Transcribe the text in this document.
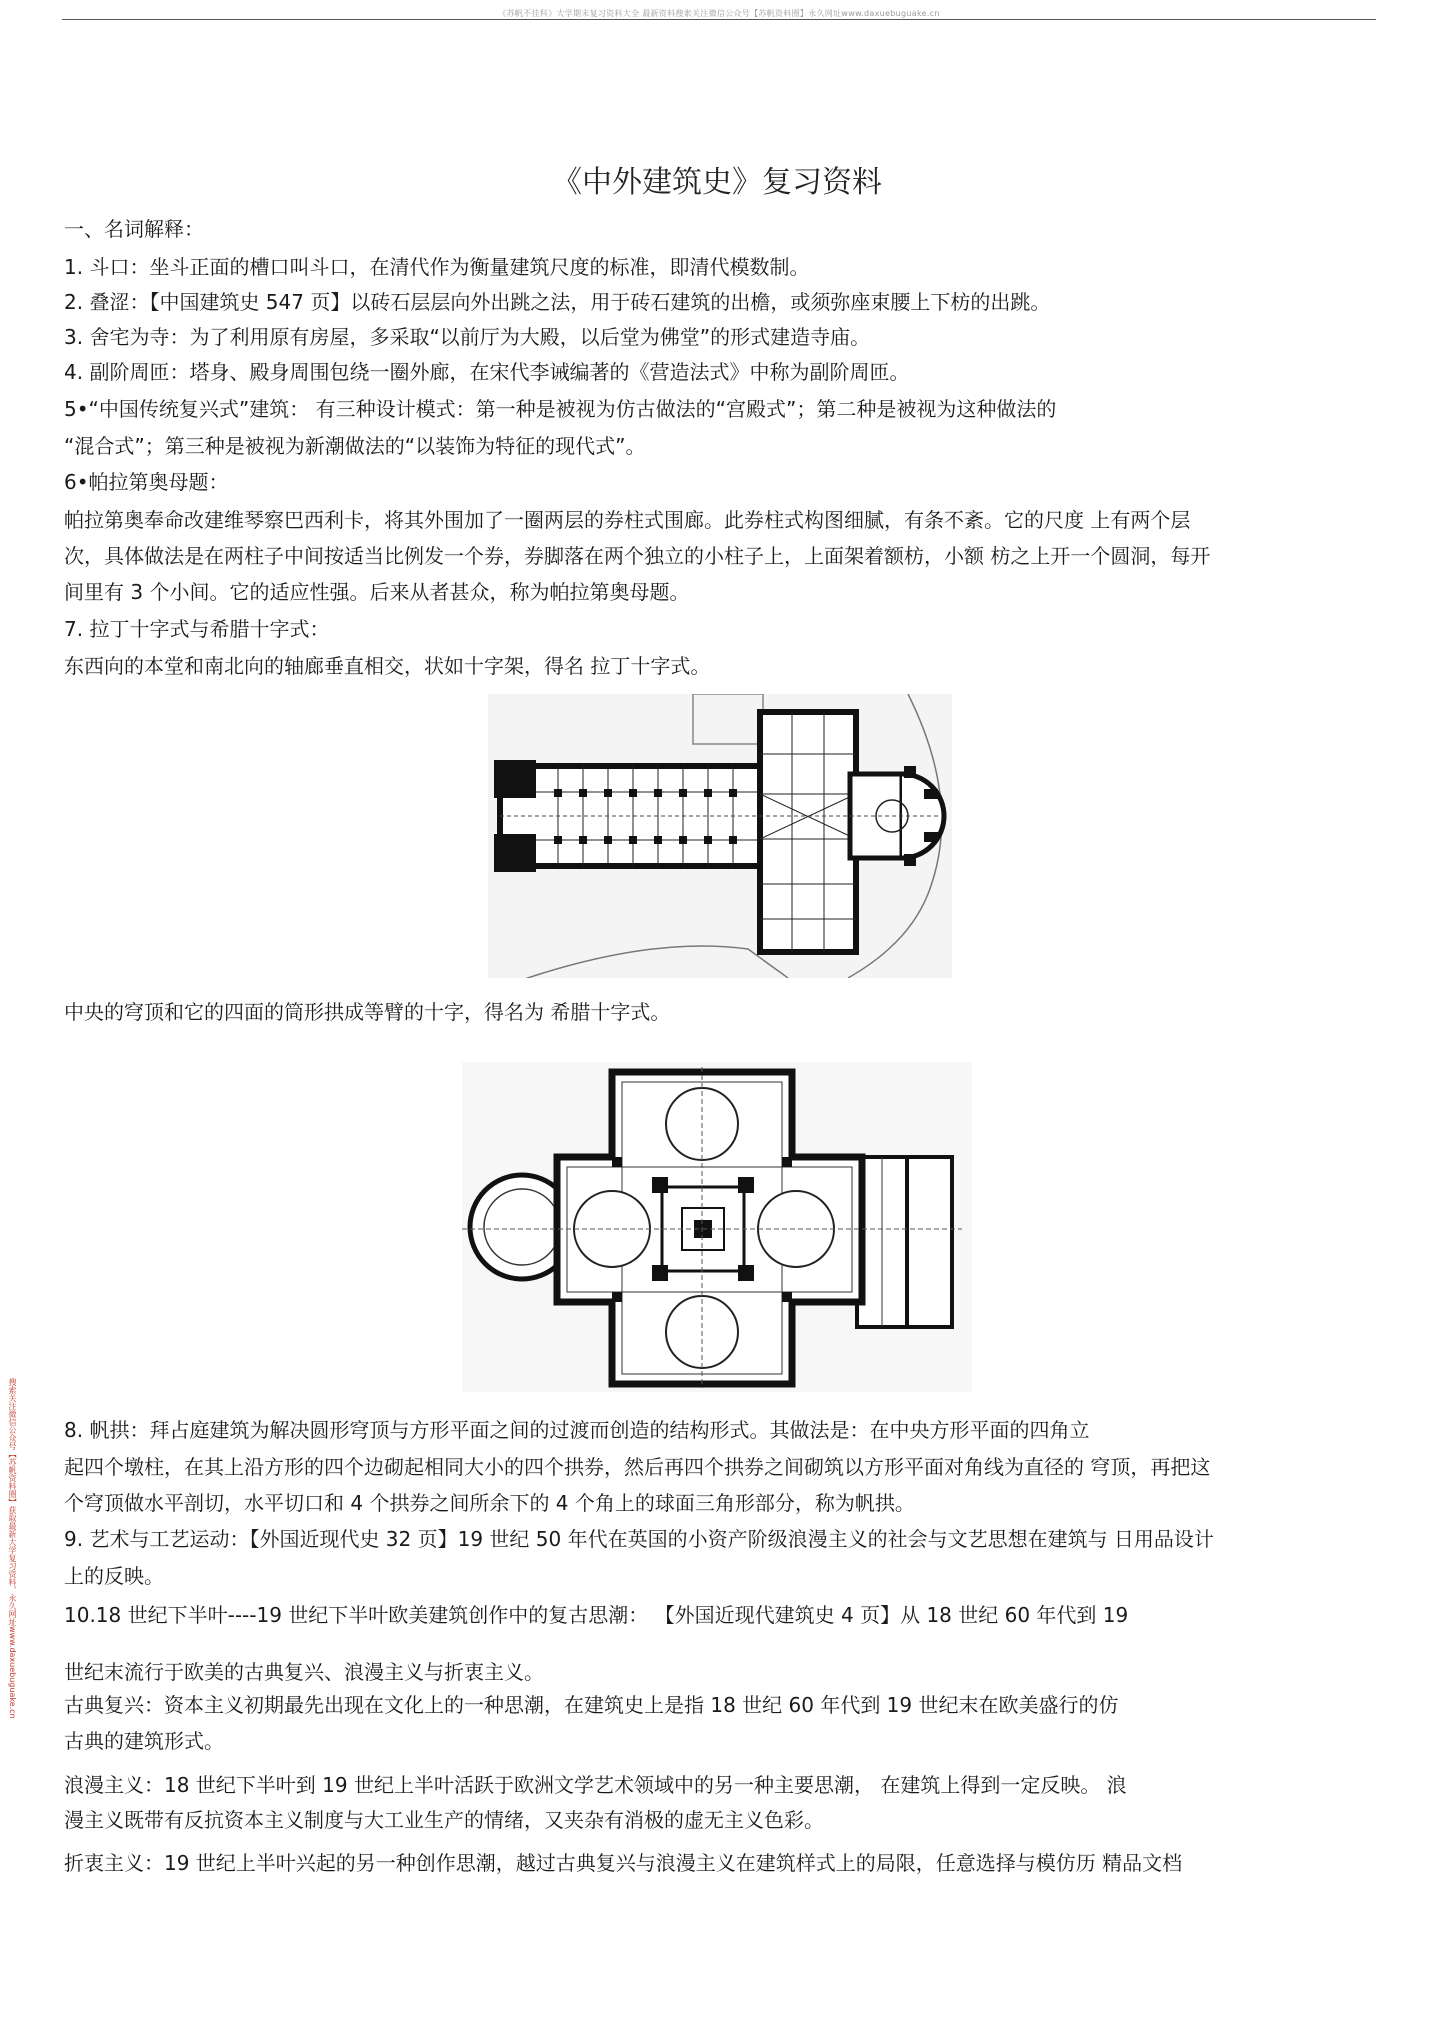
《苏帆不挂科》大学期末复习资料大全 最新资料搜索关注微信公众号【苏帆资料圈】永久网址www.daxuebuguake.cn
搜索关注微信公众号【苏帆资料圈】获取最新大学复习资料，永久网址www.daxuebuguake.cn
《中外建筑史》复习资料
一、名词解释：
1. 斗口：坐斗正面的槽口叫斗口，在清代作为衡量建筑尺度的标准，即清代模数制。
2. 叠涩：【中国建筑史 547 页】以砖石层层向外出跳之法，用于砖石建筑的出檐，或须弥座束腰上下枋的出跳。
3. 舍宅为寺：为了利用原有房屋，多采取“以前厅为大殿，以后堂为佛堂”的形式建造寺庙。
4. 副阶周匝：塔身、殿身周围包绕一圈外廊，在宋代李诫编著的《营造法式》中称为副阶周匝。
5•“中国传统复兴式”建筑： 有三种设计模式：第一种是被视为仿古做法的“宫殿式”；第二种是被视为这种做法的
“混合式”；第三种是被视为新潮做法的“以装饰为特征的现代式”。
6•帕拉第奥母题：
帕拉第奥奉命改建维琴察巴西利卡，将其外围加了一圈两层的券柱式围廊。此券柱式构图细腻，有条不紊。它的尺度 上有两个层
次，具体做法是在两柱子中间按适当比例发一个券，券脚落在两个独立的小柱子上，上面架着额枋，小额 枋之上开一个圆洞，每开
间里有 3 个小间。它的适应性强。后来从者甚众，称为帕拉第奥母题。
7. 拉丁十字式与希腊十字式：
东西向的本堂和南北向的轴廊垂直相交，状如十字架，得名 拉丁十字式。
中央的穹顶和它的四面的筒形拱成等臂的十字，得名为 希腊十字式。
8. 帆拱：拜占庭建筑为解决圆形穹顶与方形平面之间的过渡而创造的结构形式。其做法是：在中央方形平面的四角立
起四个墩柱，在其上沿方形的四个边砌起相同大小的四个拱券，然后再四个拱券之间砌筑以方形平面对角线为直径的 穹顶，再把这
个穹顶做水平剖切，水平切口和 4 个拱券之间所余下的 4 个角上的球面三角形部分，称为帆拱。
9. 艺术与工艺运动：【外国近现代史 32 页】19 世纪 50 年代在英国的小资产阶级浪漫主义的社会与文艺思想在建筑与 日用品设计
上的反映。
10.18 世纪下半叶----19 世纪下半叶欧美建筑创作中的复古思潮： 【外国近现代建筑史 4 页】从 18 世纪 60 年代到 19
世纪末流行于欧美的古典复兴、浪漫主义与折衷主义。
古典复兴：资本主义初期最先出现在文化上的一种思潮，在建筑史上是指 18 世纪 60 年代到 19 世纪末在欧美盛行的仿
古典的建筑形式。
浪漫主义：18 世纪下半叶到 19 世纪上半叶活跃于欧洲文学艺术领域中的另一种主要思潮， 在建筑上得到一定反映。 浪
漫主义既带有反抗资本主义制度与大工业生产的情绪，又夹杂有消极的虚无主义色彩。
折衷主义：19 世纪上半叶兴起的另一种创作思潮，越过古典复兴与浪漫主义在建筑样式上的局限，任意选择与模仿历 精品文档
